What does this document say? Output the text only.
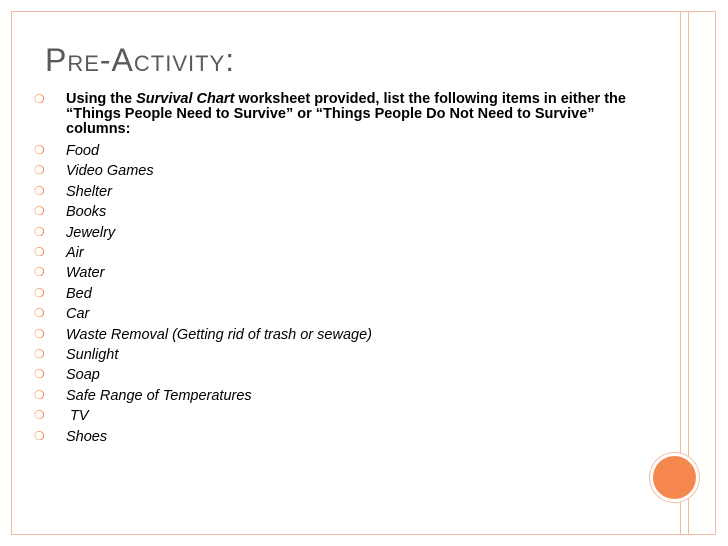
Pre-Activity:
❍ Using the Survival Chart worksheet provided, list the following items in either the “Things People Need to Survive” or “Things People Do Not Need to Survive” columns:
❍ Food
❍ Video Games
❍ Shelter
❍ Books
❍ Jewelry
❍ Air
❍ Water
❍ Bed
❍ Car
❍ Waste Removal (Getting rid of trash or sewage)
❍ Sunlight
❍ Soap
❍ Safe Range of Temperatures
❍ TV
❍ Shoes
